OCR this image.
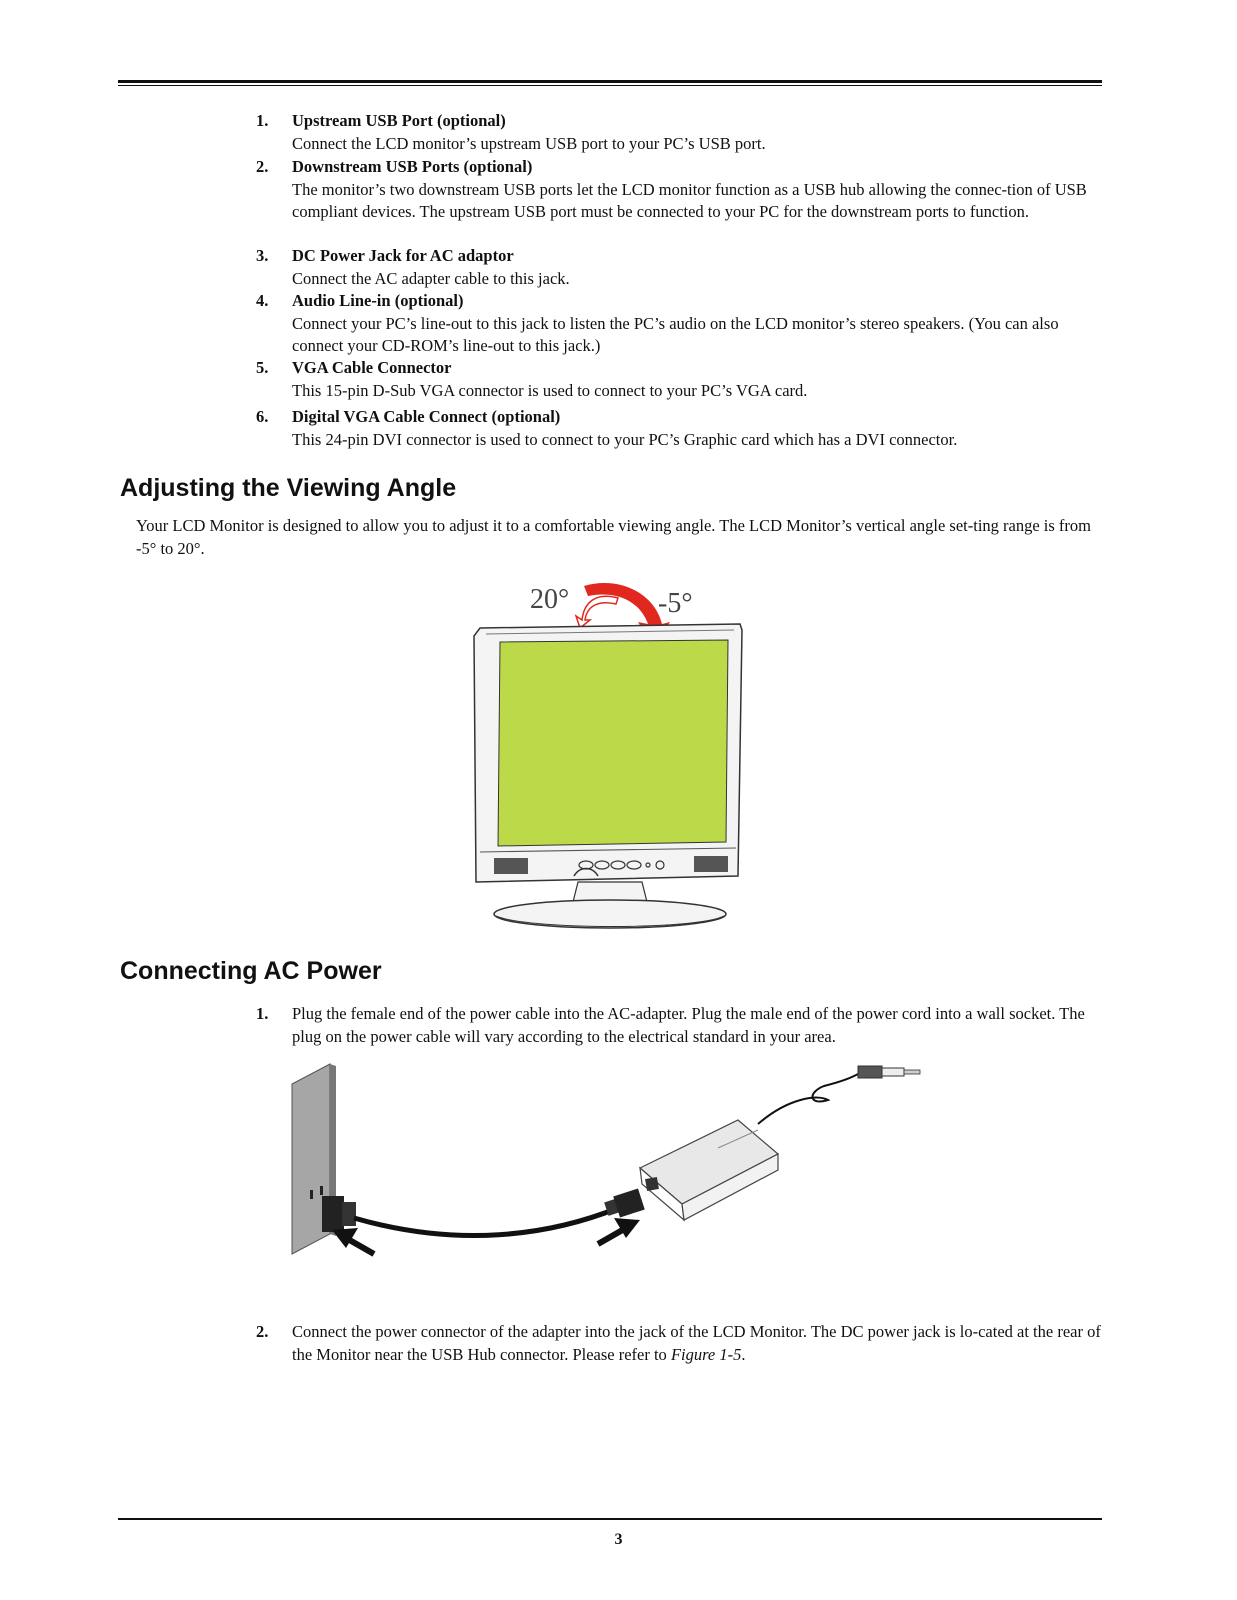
1. Upstream USB Port (optional)
Connect the LCD monitor’s upstream USB port to your PC’s USB port.
2. Downstream USB Ports (optional)
The monitor’s two downstream USB ports let the LCD monitor function as a USB hub allowing the connec-tion of USB compliant devices. The upstream USB port must be connected to your PC for the downstream ports to function.
3. DC Power Jack for AC adaptor
Connect the AC adapter cable to this jack.
4. Audio Line-in (optional)
Connect your PC’s line-out to this jack to listen the PC’s audio on the LCD monitor’s stereo speakers. (You can also connect your CD-ROM’s line-out to this jack.)
5. VGA Cable Connector
This 15-pin D-Sub VGA connector is used to connect to your PC’s VGA card.
6. Digital VGA Cable Connect (optional)
This 24-pin DVI connector is used to connect to your PC’s Graphic card which has a DVI connector.
Adjusting the Viewing Angle

Your LCD Monitor is designed to allow you to adjust it to a comfortable viewing angle. The LCD Monitor’s vertical angle set-ting range is from -5° to 20°.

20°	-5°
Connecting AC Power
1. Plug the female end of the power cable into the AC-adapter. Plug the male end of the power cord into a wall socket. The plug on the power cable will vary according to the electrical standard in your area.
2. Connect the power connector of the adapter into the jack of the LCD Monitor. The DC power jack is lo-cated at the rear of the Monitor near the USB Hub connector. Please refer to Figure 1-5.
3
